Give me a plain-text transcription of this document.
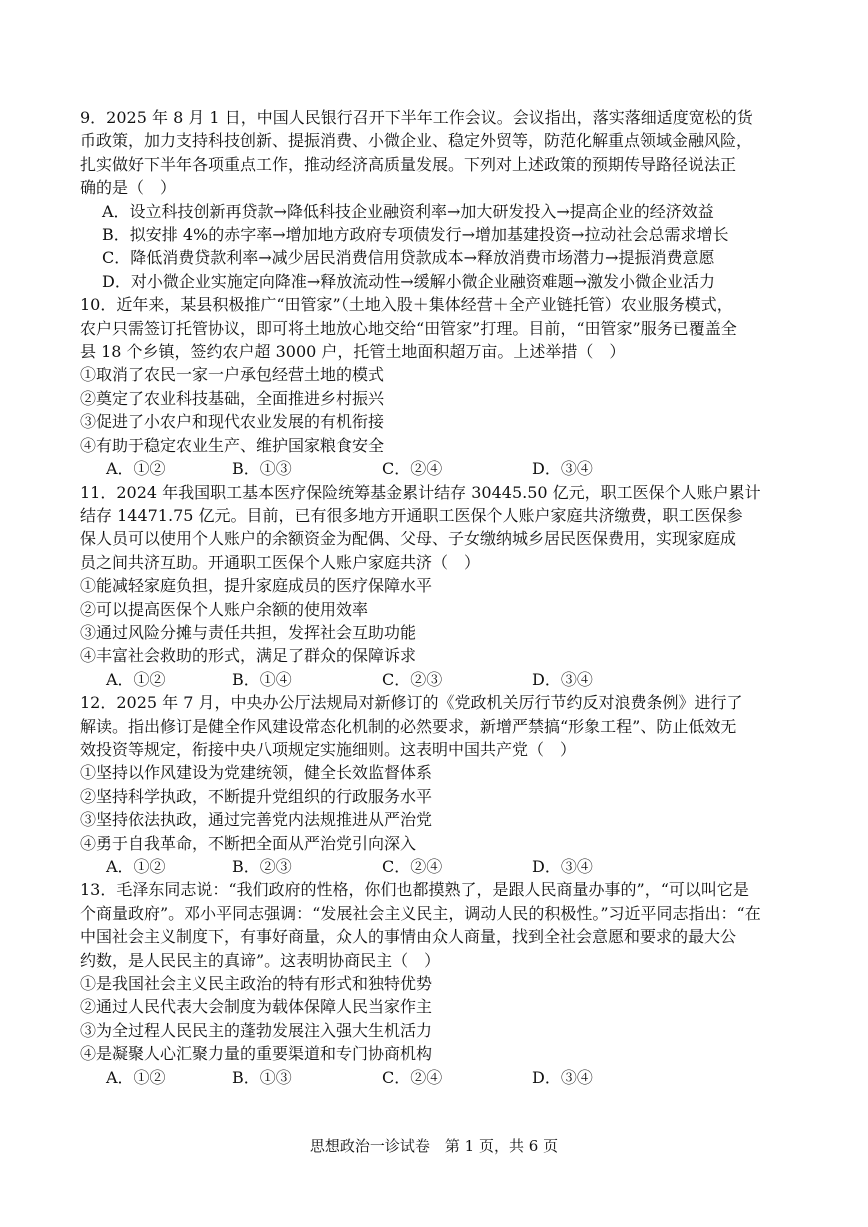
9．2025 年 8 月 1 日，中国人民银行召开下半年工作会议。会议指出，落实落细适度宽松的货
币政策，加力支持科技创新、提振消费、小微企业、稳定外贸等，防范化解重点领域金融风险，
扎实做好下半年各项重点工作，推动经济高质量发展。下列对上述政策的预期传导路径说法正
确的是（　）
A．设立科技创新再贷款→降低科技企业融资利率→加大研发投入→提高企业的经济效益
B．拟安排 4%的赤字率→增加地方政府专项债发行→增加基建投资→拉动社会总需求增长
C．降低消费贷款利率→减少居民消费信用贷款成本→释放消费市场潜力→提振消费意愿
D．对小微企业实施定向降准→释放流动性→缓解小微企业融资难题→激发小微企业活力
10．近年来，某县积极推广“田管家”（土地入股＋集体经营＋全产业链托管）农业服务模式，
农户只需签订托管协议，即可将土地放心地交给“田管家”打理。目前，“田管家”服务已覆盖全
县 18 个乡镇，签约农户超 3000 户，托管土地面积超万亩。上述举措（　）
①取消了农民一家一户承包经营土地的模式
②奠定了农业科技基础，全面推进乡村振兴
③促进了小农户和现代农业发展的有机衔接
④有助于稳定农业生产、维护国家粮食安全
A．①②	B．①③	C．②④	D．③④
11．2024 年我国职工基本医疗保险统筹基金累计结存 30445.50 亿元，职工医保个人账户累计
结存 14471.75 亿元。目前，已有很多地方开通职工医保个人账户家庭共济缴费，职工医保参
保人员可以使用个人账户的余额资金为配偶、父母、子女缴纳城乡居民医保费用，实现家庭成
员之间共济互助。开通职工医保个人账户家庭共济（　）
①能减轻家庭负担，提升家庭成员的医疗保障水平
②可以提高医保个人账户余额的使用效率
③通过风险分摊与责任共担，发挥社会互助功能
④丰富社会救助的形式，满足了群众的保障诉求
A．①②	B．①④	C．②③	D．③④
12．2025 年 7 月，中央办公厅法规局对新修订的《党政机关厉行节约反对浪费条例》进行了
解读。指出修订是健全作风建设常态化机制的必然要求，新增严禁搞“形象工程”、防止低效无
效投资等规定，衔接中央八项规定实施细则。这表明中国共产党（　）
①坚持以作风建设为党建统领，健全长效监督体系
②坚持科学执政，不断提升党组织的行政服务水平
③坚持依法执政，通过完善党内法规推进从严治党
④勇于自我革命，不断把全面从严治党引向深入
A．①②	B．②③	C．②④	D．③④
13．毛泽东同志说：“我们政府的性格，你们也都摸熟了，是跟人民商量办事的”，“可以叫它是
个商量政府”。邓小平同志强调：“发展社会主义民主，调动人民的积极性。”习近平同志指出：“在
中国社会主义制度下，有事好商量，众人的事情由众人商量，找到全社会意愿和要求的最大公
约数，是人民民主的真谛”。这表明协商民主（　）
①是我国社会主义民主政治的特有形式和独特优势
②通过人民代表大会制度为载体保障人民当家作主
③为全过程人民民主的蓬勃发展注入强大生机活力
④是凝聚人心汇聚力量的重要渠道和专门协商机构
A．①②	B．①③	C．②④	D．③④
思想政治一诊试卷　第 1 页，共 6 页
